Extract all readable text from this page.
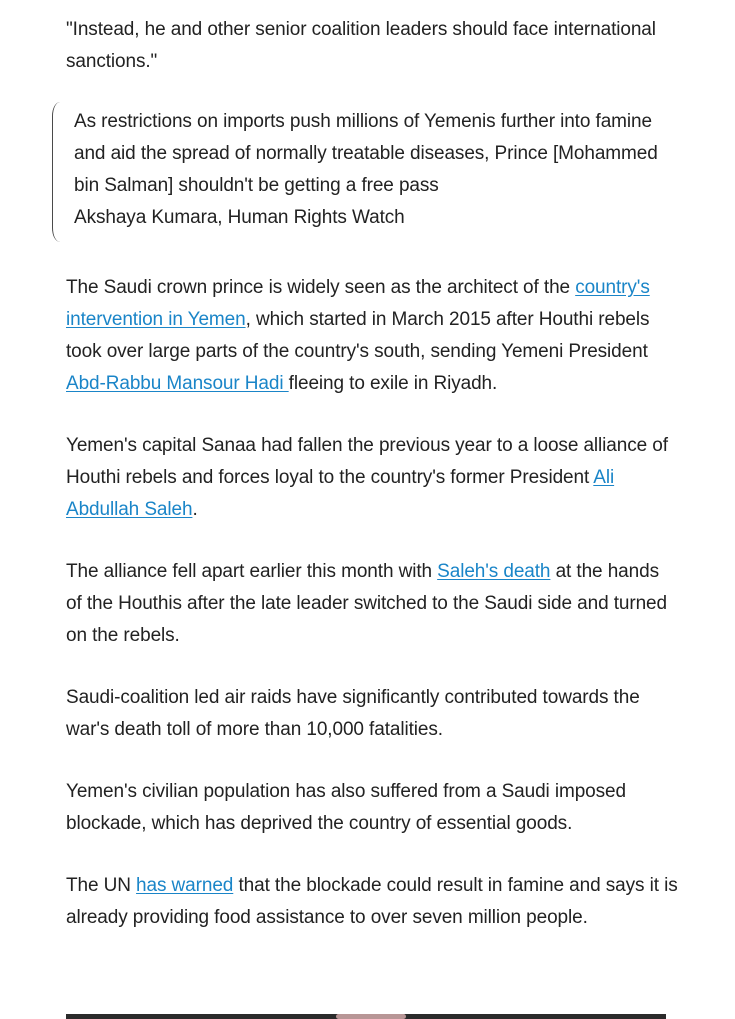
"Instead, he and other senior coalition leaders should face international sanctions."

As restrictions on imports push millions of Yemenis further into famine and aid the spread of normally treatable diseases, Prince [Mohammed bin Salman] shouldn't be getting a free pass
Akshaya Kumara, Human Rights Watch

The Saudi crown prince is widely seen as the architect of the country's intervention in Yemen, which started in March 2015 after Houthi rebels took over large parts of the country's south, sending Yemeni President Abd-Rabbu Mansour Hadi fleeing to exile in Riyadh.

Yemen's capital Sanaa had fallen the previous year to a loose alliance of Houthi rebels and forces loyal to the country's former President Ali Abdullah Saleh.

The alliance fell apart earlier this month with Saleh's death at the hands of the Houthis after the late leader switched to the Saudi side and turned on the rebels.

Saudi-coalition led air raids have significantly contributed towards the war's death toll of more than 10,000 fatalities.

Yemen's civilian population has also suffered from a Saudi imposed blockade, which has deprived the country of essential goods.

The UN has warned that the blockade could result in famine and says it is already providing food assistance to over seven million people.
